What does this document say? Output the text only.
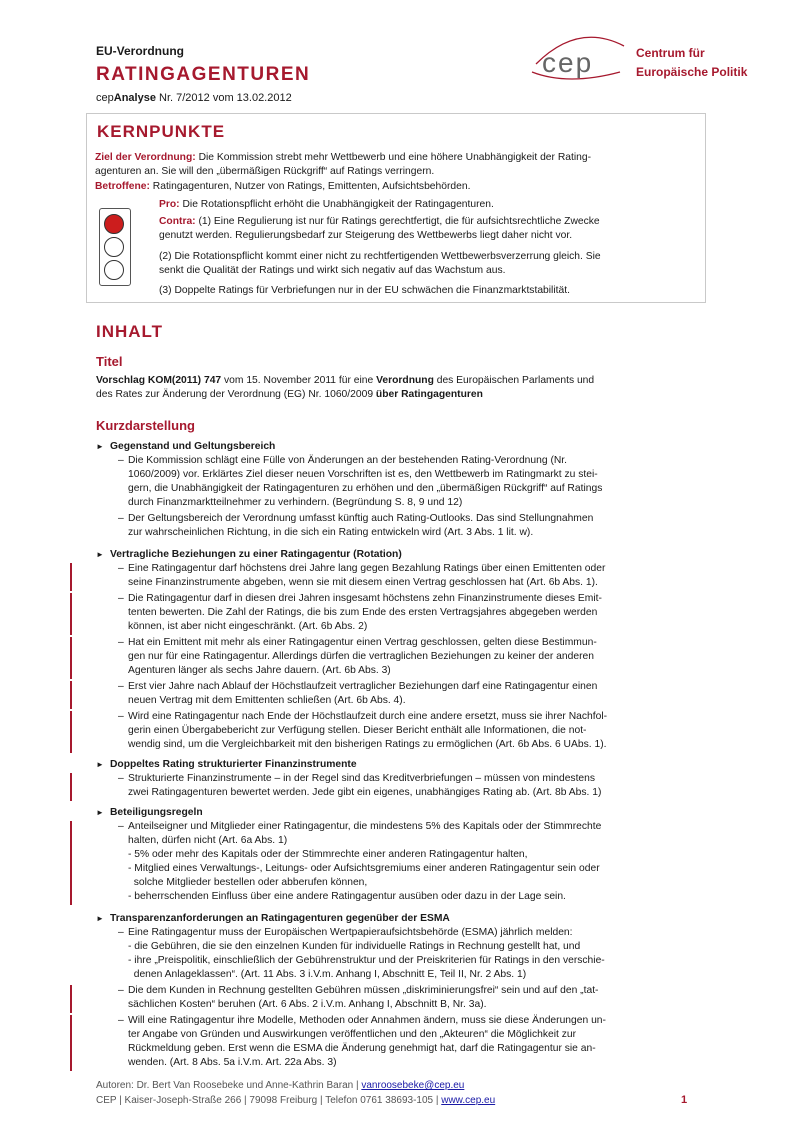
EU-Verordnung
RATINGAGENTUREN
cepAnalyse Nr. 7/2012 vom 13.02.2012
cep	Centrum für
Europäische Politik
KERNPUNKTE
Ziel der Verordnung: Die Kommission strebt mehr Wettbewerb und eine höhere Unabhängigkeit der Rating-
agenturen an. Sie will den „übermäßigen Rückgriff“ auf Ratings verringern.
Betroffene: Ratingagenturen, Nutzer von Ratings, Emittenten, Aufsichtsbehörden.
Pro: Die Rotationspflicht erhöht die Unabhängigkeit der Ratingagenturen.
Contra: (1) Eine Regulierung ist nur für Ratings gerechtfertigt, die für aufsichtsrechtliche Zwecke
genutzt werden. Regulierungsbedarf zur Steigerung des Wettbewerbs liegt daher nicht vor.
(2) Die Rotationspflicht kommt einer nicht zu rechtfertigenden Wettbewerbsverzerrung gleich. Sie
senkt die Qualität der Ratings und wirkt sich negativ auf das Wachstum aus.
(3) Doppelte Ratings für Verbriefungen nur in der EU schwächen die Finanzmarktstabilität.
INHALT
Titel
Vorschlag KOM(2011) 747 vom 15. November 2011 für eine Verordnung des Europäischen Parlaments und
des Rates zur Änderung der Verordnung (EG) Nr. 1060/2009 über Ratingagenturen
Kurzdarstellung
► Gegenstand und Geltungsbereich
– Die Kommission schlägt eine Fülle von Änderungen an der bestehenden Rating-Verordnung (Nr.
1060/2009) vor. Erklärtes Ziel dieser neuen Vorschriften ist es, den Wettbewerb im Ratingmarkt zu stei-
gern, die Unabhängigkeit der Ratingagenturen zu erhöhen und den „übermäßigen Rückgriff“ auf Ratings
durch Finanzmarktteilnehmer zu verhindern. (Begründung S. 8, 9 und 12)
– Der Geltungsbereich der Verordnung umfasst künftig auch Rating-Outlooks. Das sind Stellungnahmen
zur wahrscheinlichen Richtung, in die sich ein Rating entwickeln wird (Art. 3 Abs. 1 lit. w).
► Vertragliche Beziehungen zu einer Ratingagentur (Rotation)
– Eine Ratingagentur darf höchstens drei Jahre lang gegen Bezahlung Ratings über einen Emittenten oder
seine Finanzinstrumente abgeben, wenn sie mit diesem einen Vertrag geschlossen hat (Art. 6b Abs. 1).
– Die Ratingagentur darf in diesen drei Jahren insgesamt höchstens zehn Finanzinstrumente dieses Emit-
tenten bewerten. Die Zahl der Ratings, die bis zum Ende des ersten Vertragsjahres abgegeben werden
können, ist aber nicht eingeschränkt. (Art. 6b Abs. 2)
– Hat ein Emittent mit mehr als einer Ratingagentur einen Vertrag geschlossen, gelten diese Bestimmun-
gen nur für eine Ratingagentur. Allerdings dürfen die vertraglichen Beziehungen zu keiner der anderen
Agenturen länger als sechs Jahre dauern. (Art. 6b Abs. 3)
– Erst vier Jahre nach Ablauf der Höchstlaufzeit vertraglicher Beziehungen darf eine Ratingagentur einen
neuen Vertrag mit dem Emittenten schließen (Art. 6b Abs. 4).
– Wird eine Ratingagentur nach Ende der Höchstlaufzeit durch eine andere ersetzt, muss sie ihrer Nachfol-
gerin einen Übergabebericht zur Verfügung stellen. Dieser Bericht enthält alle Informationen, die not-
wendig sind, um die Vergleichbarkeit mit den bisherigen Ratings zu ermöglichen (Art. 6b Abs. 6 UAbs. 1).
► Doppeltes Rating strukturierter Finanzinstrumente
– Strukturierte Finanzinstrumente – in der Regel sind das Kreditverbriefungen – müssen von mindestens
zwei Ratingagenturen bewertet werden. Jede gibt ein eigenes, unabhängiges Rating ab. (Art. 8b Abs. 1)
► Beteiligungsregeln
– Anteilseigner und Mitglieder einer Ratingagentur, die mindestens 5% des Kapitals oder der Stimmrechte
halten, dürfen nicht (Art. 6a Abs. 1)
- 5% oder mehr des Kapitals oder der Stimmrechte einer anderen Ratingagentur halten,
- Mitglied eines Verwaltungs-, Leitungs- oder Aufsichtsgremiums einer anderen Ratingagentur sein oder
solche Mitglieder bestellen oder abberufen können,
- beherrschenden Einfluss über eine andere Ratingagentur ausüben oder dazu in der Lage sein.
► Transparenzanforderungen an Ratingagenturen gegenüber der ESMA
– Eine Ratingagentur muss der Europäischen Wertpapieraufsichtsbehörde (ESMA) jährlich melden:
- die Gebühren, die sie den einzelnen Kunden für individuelle Ratings in Rechnung gestellt hat, und
- ihre „Preispolitik, einschließlich der Gebührenstruktur und der Preiskriterien für Ratings in den verschie-
denen Anlageklassen“. (Art. 11 Abs. 3 i.V.m. Anhang I, Abschnitt E, Teil II, Nr. 2 Abs. 1)
– Die dem Kunden in Rechnung gestellten Gebühren müssen „diskriminierungsfrei“ sein und auf den „tat-
sächlichen Kosten“ beruhen (Art. 6 Abs. 2 i.V.m. Anhang I, Abschnitt B, Nr. 3a).
– Will eine Ratingagentur ihre Modelle, Methoden oder Annahmen ändern, muss sie diese Änderungen un-
ter Angabe von Gründen und Auswirkungen veröffentlichen und den „Akteuren“ die Möglichkeit zur
Rückmeldung geben. Erst wenn die ESMA die Änderung genehmigt hat, darf die Ratingagentur sie an-
wenden. (Art. 8 Abs. 5a i.V.m. Art. 22a Abs. 3)
Autoren: Dr. Bert Van Roosebeke und Anne-Kathrin Baran | vanroosebeke@cep.eu
CEP | Kaiser-Joseph-Straße 266 | 79098 Freiburg | Telefon 0761 38693-105 | www.cep.eu	1
